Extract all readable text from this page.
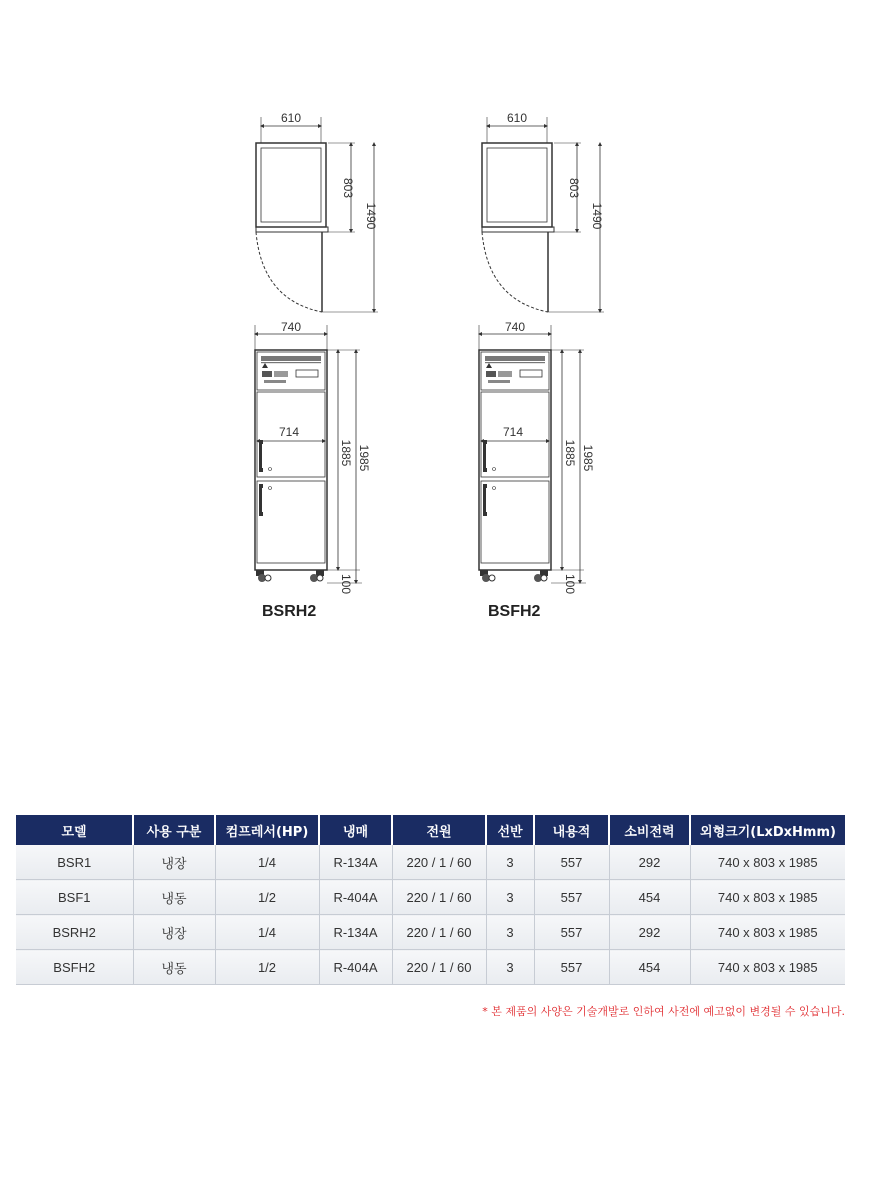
610
803
1490
740
714
1885 1985
100
610
803
1490
740
714
1885 1985
100
BSRH2	BSFH2
모델	사용 구분	컴프레서(HP)	냉매	전원	선반	내용적	소비전력	외형크기(LxDxHmm)
BSR1	냉장	1/4	R-134A	220 / 1 / 60	3	557	292	740 x 803 x 1985
BSF1	냉동	1/2	R-404A	220 / 1 / 60	3	557	454	740 x 803 x 1985
BSRH2	냉장	1/4	R-134A	220 / 1 / 60	3	557	292	740 x 803 x 1985
BSFH2	냉동	1/2	R-404A	220 / 1 / 60	3	557	454	740 x 803 x 1985
* 본 제품의 사양은 기술개발로 인하여 사전에 예고없이 변경될 수 있습니다.
